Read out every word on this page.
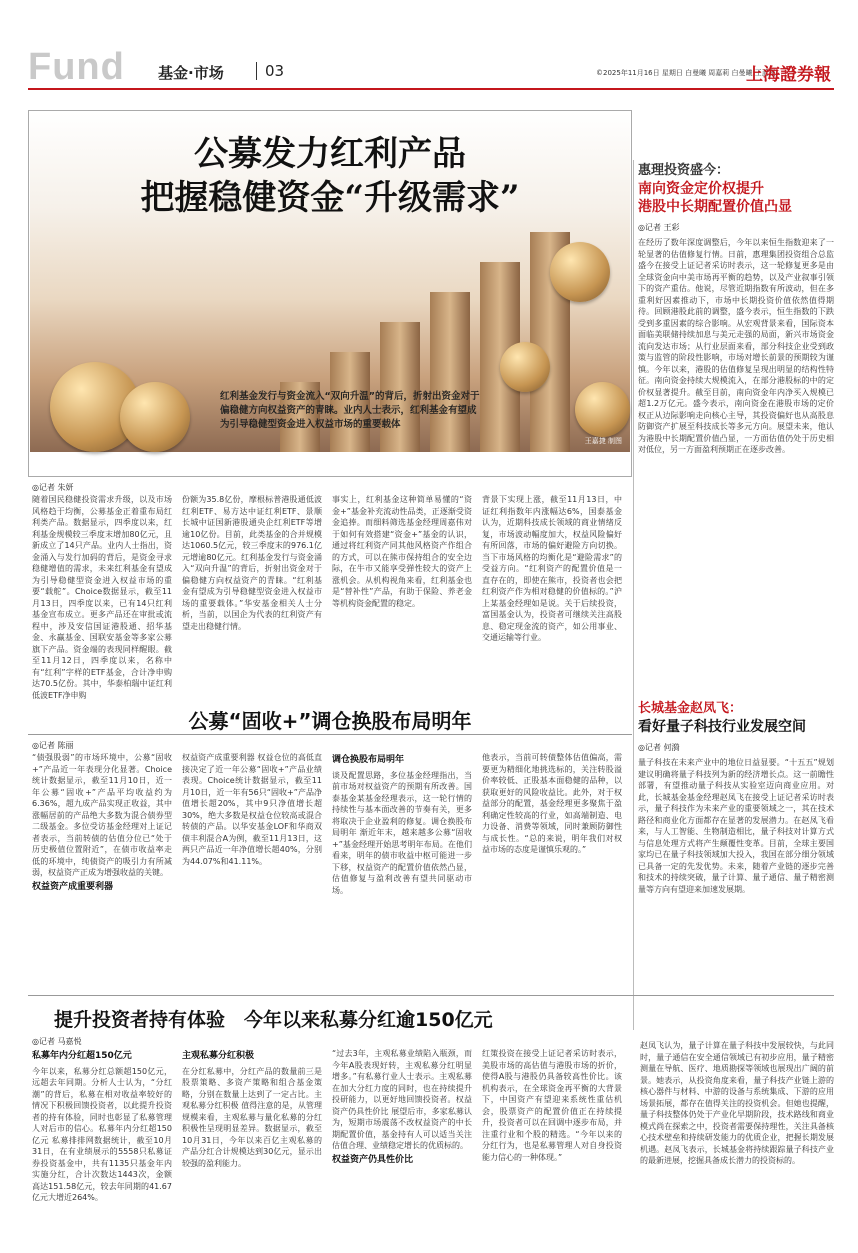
Fund 基金·市场	03	©2025年11月16日 星期日 白曼曦 周嘉莉 白曼曦 王蓝贤
上海證券報
公募发力红利产品
把握稳健资金“升级需求”
红利基金发行与资金流入“双向升温”的背后，折射出资金对于偏稳健方向权益资产的青睐。业内人士表示，红利基金有望成为引导稳健型资金进入权益市场的重要载体
王嘉捷 制图
◎记者 朱妍
随着国民稳健投资需求升级，以及市场风格趋于均衡，公募基金正着重布局红利类产品。数据显示，四季度以来，红利基金规模较三季度末增加80亿元，且新成立了14只产品。业内人士指出，资金涌入与发行加码的背后，是资金寻求稳健增值的需求，未来红利基金有望成为引导稳健型资金进入权益市场的重要“载舵”。Choice数据显示，截至11月13日，四季度以来，已有14只红利基金宣布成立。更多产品还在审批或流程中，涉及安信国证港股通、招华基金、永赢基金、国联安基金等多家公募旗下产品。资金端的表现同样醒眼。截至11月12日，四季度以来，名称中有“红利”字样的ETF基金，合计净申购达70.5亿份。其中，华泰柏瑞中证红利低波ETF净申购
份额为35.8亿份，摩根标普港股通低波红利ETF、易方达中证红利ETF、景顺长城中证国新港股通央企红利ETF等增逾10亿份。目前，此类基金的合并规模达1060.5亿元，较三季度末的976.1亿元增逾80亿元。红利基金发行与资金涌入“双向升温”的背后，折射出资金对于偏稳健方向权益资产的青睐。“红利基金有望成为引导稳健型资金进入权益市场的重要载体。”华安基金相关人士分析，当前，以国企为代表的红利资产有望走出稳健行情。
事实上，红利基金这种简单易懂的“资金+”基金补充流动性品类，正逐渐受资金追捧。而细料筛选基金经理周嘉伟对于如何有效搭建“资金+”基金的认识，通过将红利资产同其他风格资产作组合的方式，可以在熊市保持组合的安全边际，在牛市又能享受弹性较大的资产上涨机会。从机构视角来看，红利基金也是“替补性”产品，有助于保险、养老金等机构资金配置的稳定。
背景下实现上涨，截至11月13日，中证红利指数年内涨幅达6%，国泰基金认为，近期科技成长领域的商业情绪反复，市场波动幅度加大，权益风险偏好有所回落，市场的偏好避险方向切换。当下市场风格的均衡化是“避险需求”的受益方向。“红利资产的配置价值是一直存在的，即使在熊市，投资者也会把红利资产作为相对稳健的价值标的。”沪上某基金经理如是说。关于后续投资，富国基金认为，投资者可继续关注高股息、稳定现金流的资产，如公用事业、交通运输等行业。
惠理投资盛今：
南向资金定价权提升
港股中长期配置价值凸显
◎记者 王彩
在经历了数年深度调整后，今年以来恒生指数迎来了一轮显著的估值修复行情。日前，惠理集团投资组合总监盛今在接受上证记者采访时表示，这一轮修复更多是由全球资金向中美市场再平衡的趋势，以及产业叙事引领下的资产重估。他说，尽管近期指数有所波动，但在多重利好因素推动下，市场中长期投资价值依然值得期待。回顾港股此前的调整，盛今表示，恒生指数的下跌受到多重因素的综合影响。从宏观背景来看，国际资本面临美联储持续加息与美元走强的局面，新兴市场资金流向发达市场；从行业层面来看，部分科技企业受到政策与监管的阶段性影响，市场对增长前景的预期较为谨慎。今年以来，港股的估值修复呈现出明显的结构性特征。南向资金持续大规模流入，在部分港股标的中的定价权显著提升。截至目前，南向资金年内净买入规模已超1.2万亿元。盛今表示，南向资金在港股市场的定价权正从边际影响走向核心主导，其投资偏好也从高股息防御资产扩展至科技成长等多元方向。展望未来，他认为港股中长期配置价值凸显，一方面估值仍处于历史相对低位，另一方面盈利预期正在逐步改善。
公募“固收+”调仓换股布局明年
◎记者 陈丽
“债强股弱”的市场环境中，公募“固收+”产品近一年表现分化显著。Choice统计数据显示，截至11月10日，近一年公募“固收+”产品平均收益约为6.36%，超九成产品实现正收益，其中涨幅居前的产品绝大多数为混合债券型二级基金。多位受访基金经理对上证记者表示，当前转债的估值分位已“处于历史极值位置附近”，在债市收益率走低的环境中，纯债资产的吸引力有所减弱，权益资产正成为增强收益的关键。
权益资产成重要利器
权益资产成重要利器 权益仓位的高低直接决定了近一年公募“固收+”产品业绩表现。Choice统计数据显示，截至11月10日，近一年有56只“固收+”产品净值增长超20%，其中9只净值增长超30%，绝大多数是权益仓位较高或混合转债的产品。以华安基金LOF和华商双债丰利混合A为例，截至11月13日，这两只产品近一年净值增长超40%，分别为44.07%和41.11%。
调仓换股布局明年
谈及配置思路，多位基金经理指出，当前市场对权益资产的预期有所改善。国泰基金某基金经理表示，这一轮行情的持续性与基本面改善的节奏有关，更多将取决于企业盈利的修复。调仓换股布局明年 渐近年末，越来越多公募“固收+”基金经理开始思考明年布局。在他们看来，明年的债市收益中枢可能进一步下移，权益资产的配置价值依然凸显，估值修复与盈利改善有望共同驱动市场。
他表示，当前可转债整体估值偏高，需要更为精细化地挑选标的，关注转股溢价率较低、正股基本面稳健的品种，以获取更好的风险收益比。此外，对于权益部分的配置，基金经理更多聚焦于盈利确定性较高的行业，如高端制造、电力设备、消费等领域，同时兼顾防御性与成长性。“总的来说，明年我们对权益市场的态度是谨慎乐观的。”
长城基金赵凤飞：
看好量子科技行业发展空间
◎记者 何漪
量子科技在未来产业中的地位日益显要。“十五五”规划建议明确将量子科技列为新的经济增长点。这一前瞻性部署，有望推动量子科技从实验室迈向商业应用。对此，长城基金基金经理赵凤飞在接受上证记者采访时表示，量子科技作为未来产业的重要领域之一，其在技术路径和商业化方面都存在显著的发展潜力。在赵凤飞看来，与人工智能、生物制造相比，量子科技对计算方式与信息处理方式将产生颠覆性变革。目前，全球主要国家均已在量子科技领域加大投入，我国在部分细分领域已具备一定的先发优势。未来，随着产业链的逐步完善和技术的持续突破，量子计算、量子通信、量子精密测量等方向有望迎来加速发展期。
提升投资者持有体验　今年以来私募分红逾150亿元
◎记者 马嘉悦
私募年内分红超150亿元
今年以来，私募分红总额超150亿元，远超去年同期。分析人士认为，“分红潮”的背后，私募在相对收益率较好的情况下积极回馈投资者，以此提升投资者的持有体验，同时也彰显了私募管理人对后市的信心。私募年内分红超150亿元 私募排排网数据统计，截至10月31日，在有业绩展示的5558只私募证券投资基金中，共有1135只基金年内实施分红，合计次数达1443次，金额高达151.58亿元，较去年同期的41.67亿元大增近264%。
主观私募分红积极
在分红私募中，分红产品的数量前三是股票策略、多资产策略和组合基金策略，分别在数量上达到了一定占比。主观私募分红积极 值得注意的是，从管理规模来看，主观私募与量化私募的分红积极性呈现明显差异。数据显示，截至10月31日，今年以来百亿主观私募的产品分红合计规模达到30亿元，显示出较强的盈利能力。
“过去3年，主观私募业绩陷入瓶颈，而今年A股表现好转，主观私募分红明显增多。”有私募行业人士表示。主观私募在加大分红力度的同时，也在持续提升投研能力，以更好地回馈投资者。权益资产仍具性价比 展望后市，多家私募认为，短期市场震荡不改权益资产的中长期配置价值，基金持有人可以适当关注估值合理、业绩稳定增长的优质标的。
权益资产仍具性价比
红策投资在接受上证记者采访时表示，美股市场的高估值与港股市场的折价，使得A股与港股仍具备较高性价比。该机构表示，在全球资金再平衡的大背景下，中国资产有望迎来系统性重估机会，股票资产的配置价值正在持续提升，投资者可以在回调中逐步布局，并注重行业和个股的精选。“今年以来的分红行为，也是私募管理人对自身投资能力信心的一种体现。”
赵凤飞认为，量子计算在量子科技中发展较快，与此同时，量子通信在安全通信领域已有初步应用，量子精密测量在导航、医疗、地质勘探等领域也展现出广阔的前景。她表示，从投资角度来看，量子科技产业链上游的核心器件与材料、中游的设备与系统集成、下游的应用场景拓展，都存在值得关注的投资机会。但她也提醒，量子科技整体仍处于产业化早期阶段，技术路线和商业模式尚在探索之中，投资者需要保持理性，关注具备核心技术壁垒和持续研发能力的优质企业，把握长期发展机遇。赵凤飞表示，长城基金将持续跟踪量子科技产业的最新进展，挖掘具备成长潜力的投资标的。
